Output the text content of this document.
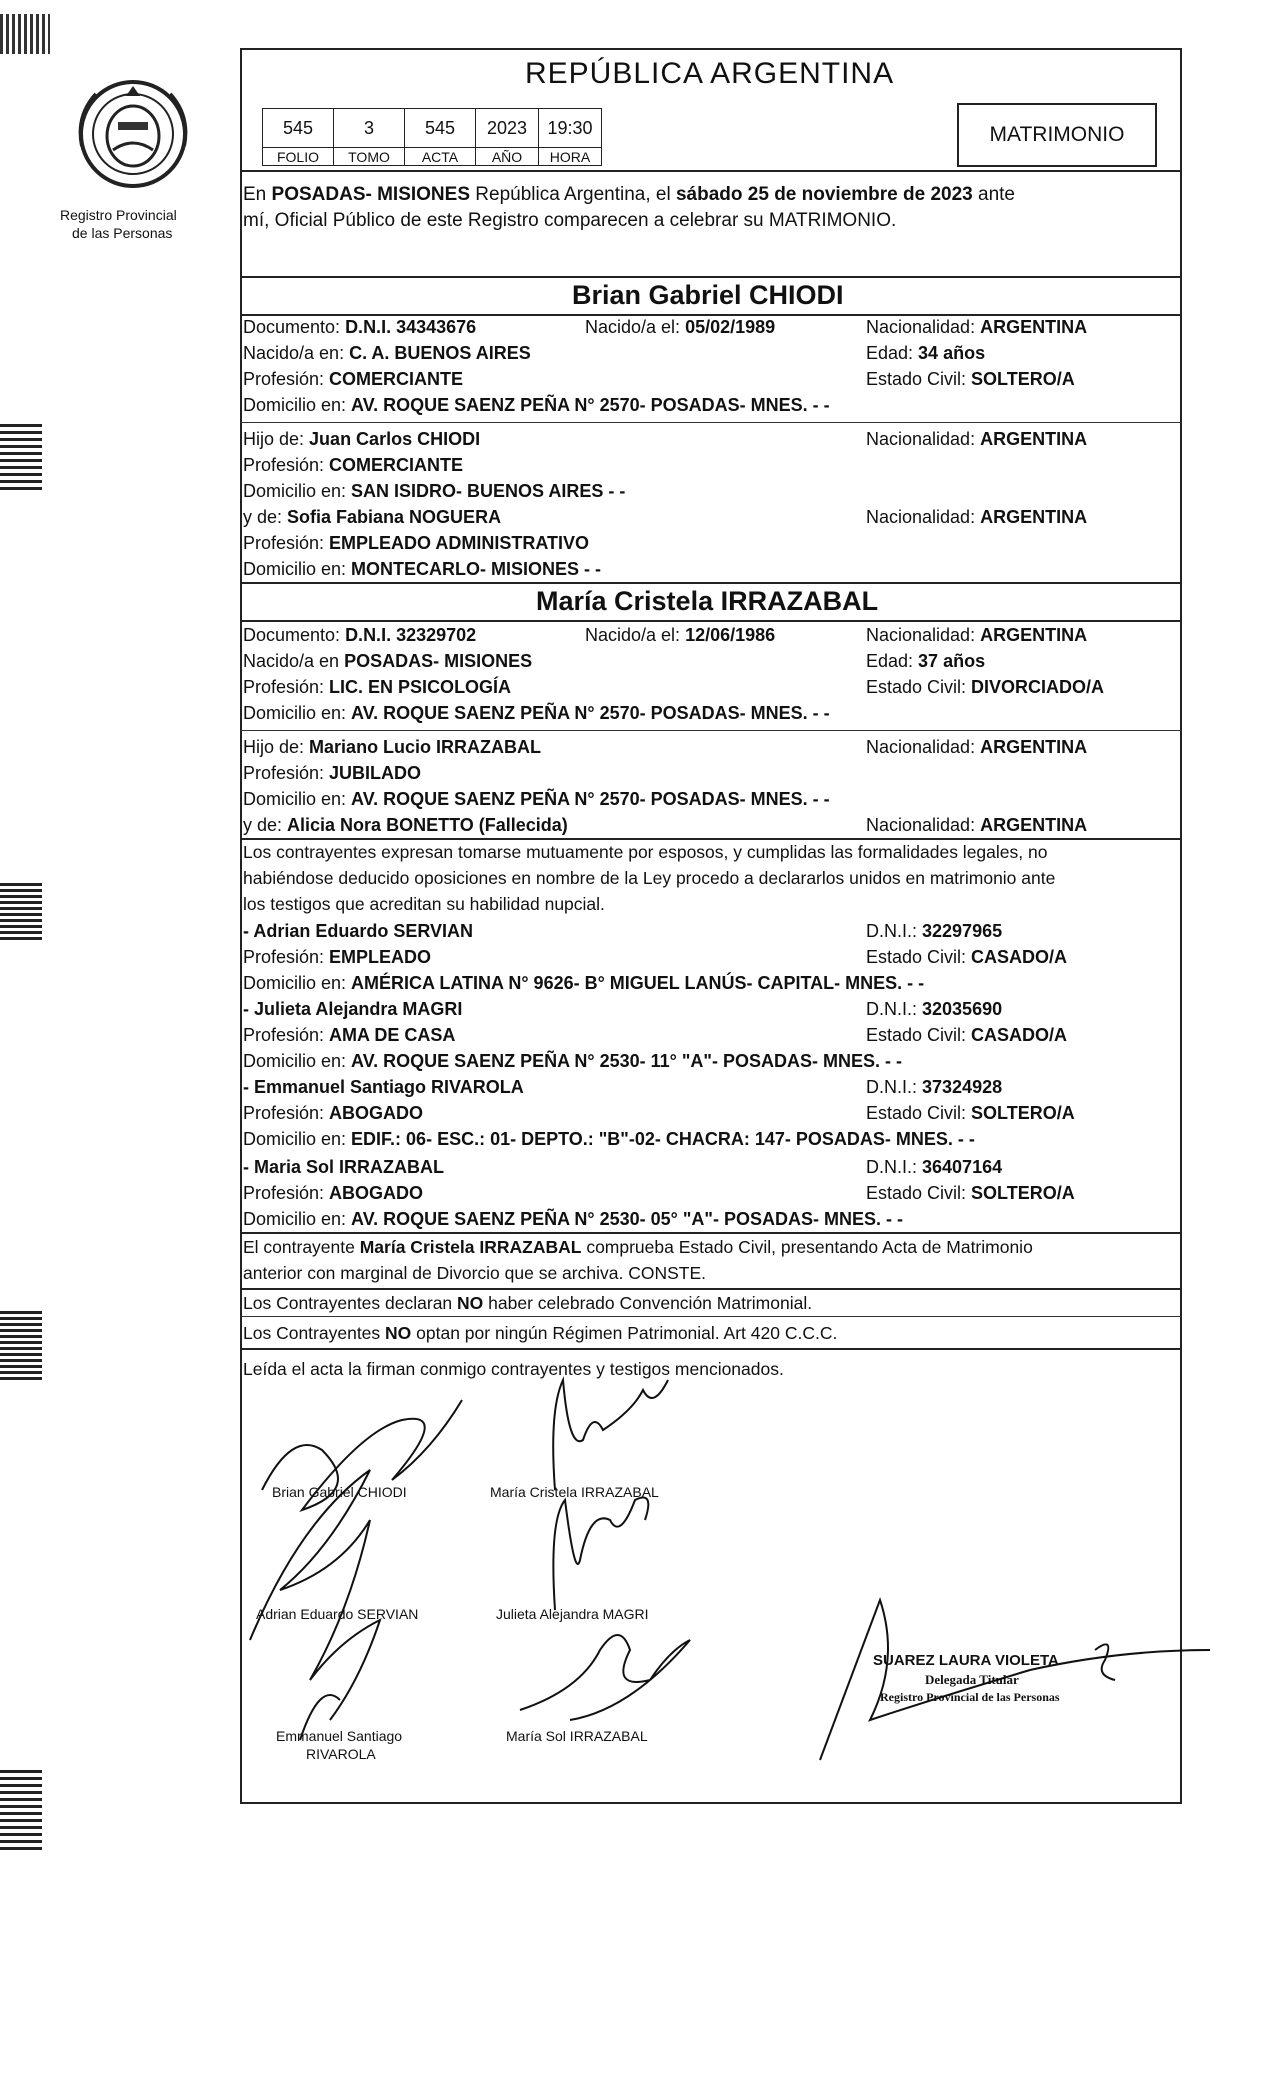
Registro Provincial
de las Personas
REPÚBLICA ARGENTINA
545	3	545	2023	19:30
FOLIO	TOMO	ACTA	AÑO	HORA
MATRIMONIO
En POSADAS- MISIONES República Argentina, el sábado 25 de noviembre de 2023 ante
mí, Oficial Público de este Registro comparecen a celebrar su MATRIMONIO.
Brian Gabriel CHIODI
Documento: D.N.I. 34343676	Nacido/a el: 05/02/1989	Nacionalidad: ARGENTINA
Nacido/a en: C. A. BUENOS AIRES	Edad: 34 años
Profesión: COMERCIANTE	Estado Civil: SOLTERO/A
Domicilio en: AV. ROQUE SAENZ PEÑA N° 2570- POSADAS- MNES. - -
Hijo de: Juan Carlos CHIODI	Nacionalidad: ARGENTINA
Profesión: COMERCIANTE
Domicilio en: SAN ISIDRO- BUENOS AIRES - -
y de: Sofia Fabiana NOGUERA	Nacionalidad: ARGENTINA
Profesión: EMPLEADO ADMINISTRATIVO
Domicilio en: MONTECARLO- MISIONES - -
María Cristela IRRAZABAL
Documento: D.N.I. 32329702	Nacido/a el: 12/06/1986	Nacionalidad: ARGENTINA
Nacido/a en POSADAS- MISIONES	Edad: 37 años
Profesión: LIC. EN PSICOLOGÍA	Estado Civil: DIVORCIADO/A
Domicilio en: AV. ROQUE SAENZ PEÑA N° 2570- POSADAS- MNES. - -
Hijo de: Mariano Lucio IRRAZABAL	Nacionalidad: ARGENTINA
Profesión: JUBILADO
Domicilio en: AV. ROQUE SAENZ PEÑA N° 2570- POSADAS- MNES. - -
y de: Alicia Nora BONETTO (Fallecida)	Nacionalidad: ARGENTINA
Los contrayentes expresan tomarse mutuamente por esposos, y cumplidas las formalidades legales, no
habiéndose deducido oposiciones en nombre de la Ley procedo a declararlos unidos en matrimonio ante
los testigos que acreditan su habilidad nupcial.
- Adrian Eduardo SERVIAN	D.N.I.: 32297965
Profesión: EMPLEADO	Estado Civil: CASADO/A
Domicilio en: AMÉRICA LATINA N° 9626- B° MIGUEL LANÚS- CAPITAL- MNES. - -
- Julieta Alejandra MAGRI	D.N.I.: 32035690
Profesión: AMA DE CASA	Estado Civil: CASADO/A
Domicilio en: AV. ROQUE SAENZ PEÑA N° 2530- 11° "A"- POSADAS- MNES. - -
- Emmanuel Santiago RIVAROLA	D.N.I.: 37324928
Profesión: ABOGADO	Estado Civil: SOLTERO/A
Domicilio en: EDIF.: 06- ESC.: 01- DEPTO.: "B"-02- CHACRA: 147- POSADAS- MNES. - -
- Maria Sol IRRAZABAL	D.N.I.: 36407164
Profesión: ABOGADO	Estado Civil: SOLTERO/A
Domicilio en: AV. ROQUE SAENZ PEÑA N° 2530- 05° "A"- POSADAS- MNES. - -
El contrayente María Cristela IRRAZABAL comprueba Estado Civil, presentando Acta de Matrimonio
anterior con marginal de Divorcio que se archiva. CONSTE.
Los Contrayentes declaran NO haber celebrado Convención Matrimonial.
Los Contrayentes NO optan por ningún Régimen Patrimonial. Art 420 C.C.C.
Leída el acta la firman conmigo contrayentes y testigos mencionados.
Brian Gabriel CHIODI	María Cristela IRRAZABAL
Adrian Eduardo SERVIAN	Julieta Alejandra MAGRI
Emmanuel Santiago
RIVAROLA
María Sol IRRAZABAL
SUAREZ LAURA VIOLETA
Delegada Titular
Registro Provincial de las Personas
